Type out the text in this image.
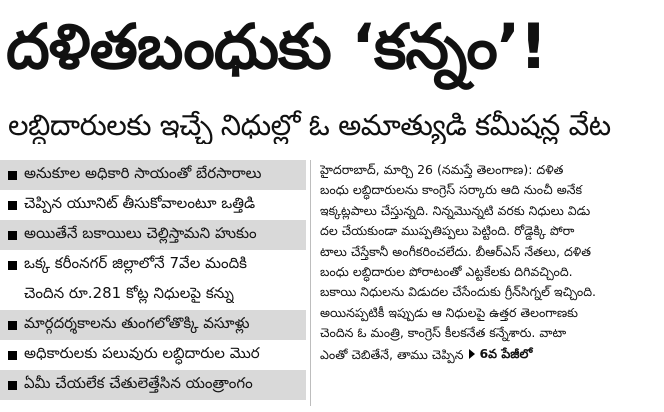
దళితబంధుకు ‘కన్నం’!
లబ్ధిదారులకు ఇచ్చే నిధుల్లో ఓ అమాత్యుడి కమీషన్ల వేట
అనుకూల అధికారి సాయంతో బేరసారాలు
చెప్పిన యూనిట్‌ తీసుకోవాలంటూ ఒత్తిడి
అయితేనే బకాయిలు చెల్లిస్తామని హుకుం
ఒక్క కరీంనగర్‌ జిల్లాలోనే 7వేల మందికి
చెందిన రూ.281 కోట్ల నిధులపై కన్ను
మార్గదర్శకాలను తుంగలోతొక్కి వసూళ్లు
అధికారులకు పలువురు లబ్ధిదారుల మొర
ఏమీ చేయలేక చేతులెత్తేసిన యంత్రాంగం

హైదరాబాద్‌, మార్చి 26 (నమస్తే తెలంగాణ): దళిత

బంధు లబ్ధిదారులను కాంగ్రెస్‌ సర్కారు ఆది నుంచీ అనేక

ఇక్కట్లపాలు చేస్తున్నది. నిన్నమొన్నటి వరకు నిధులు విడు

దల చేయకుండా ముప్పతిప్పలు పెట్టింది. రోడ్డెక్కి పోరా

టాలు చేస్తేకానీ అంగీకరించలేదు. బీఆర్‌ఎస్‌ నేతలు, దళిత

బంధు లబ్ధిదారుల పోరాటంతో ఎట్టకేలకు దిగివచ్చింది.

బకాయి నిధులను విడుదల చేసేందుకు గ్రీన్‌సిగ్నల్‌ ఇచ్చింది.

అయినప్పటికీ ఇప్పుడు ఆ నిధులపై ఉత్తర తెలంగాణకు

చెందిన ఓ మంత్రి, కాంగ్రెస్‌ కీలకనేత కన్నేశారు. వాటా

ఎంతో చెబితేనే, తాము చెప్పిన 6వ పేజీలో
